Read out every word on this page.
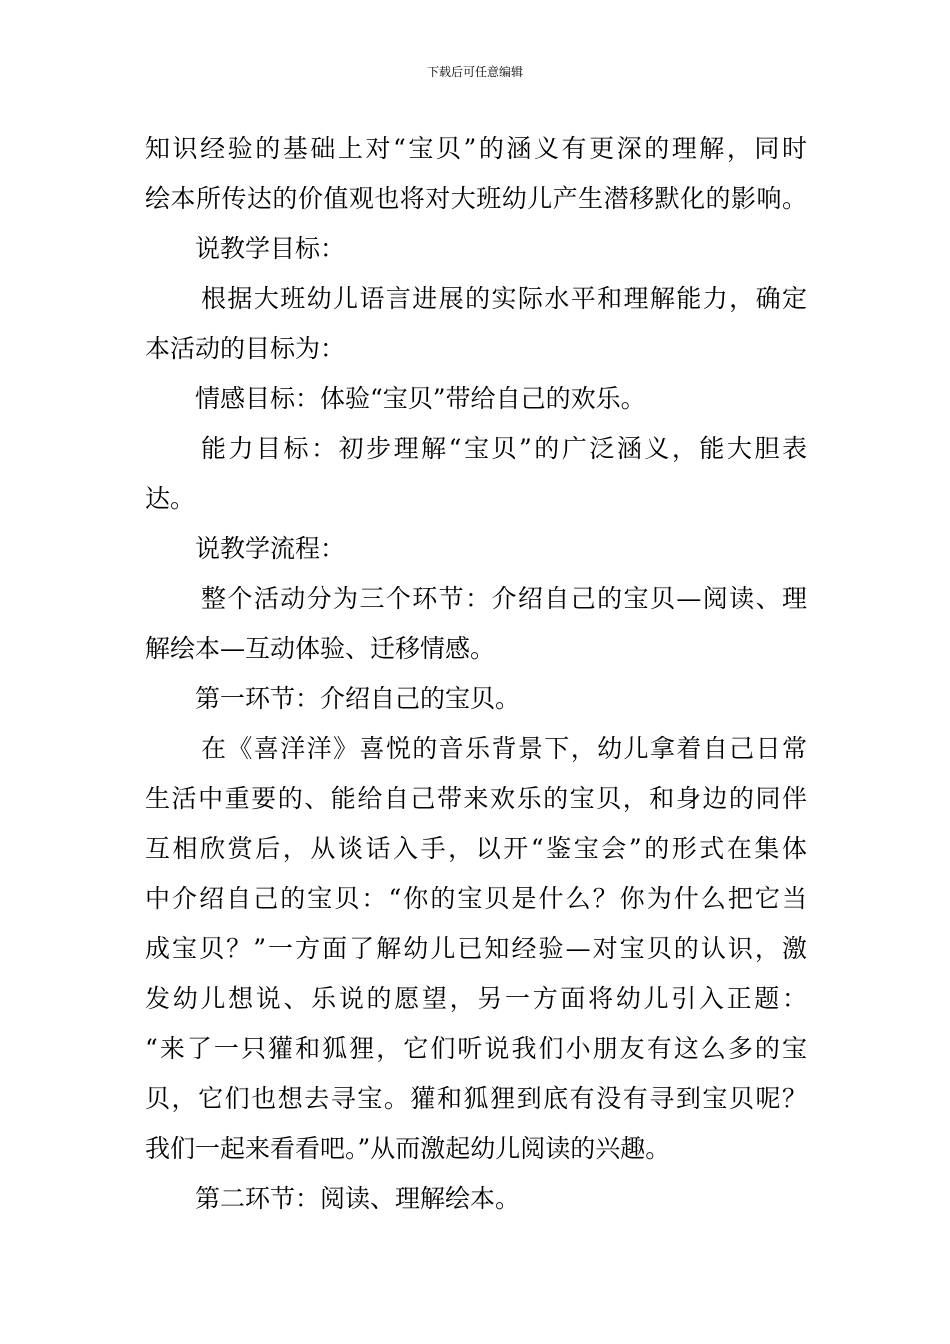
下载后可任意编辑
知识经验的基础上对“宝贝”的涵义有更深的理解，同时
绘本所传达的价值观也将对大班幼儿产生潜移默化的影响。
说教学目标：
根据大班幼儿语言进展的实际水平和理解能力，确定
本活动的目标为：
情感目标：体验“宝贝”带给自己的欢乐。
能力目标：初步理解“宝贝”的广泛涵义，能大胆表
达。
说教学流程：
整个活动分为三个环节：介绍自己的宝贝—阅读、理
解绘本—互动体验、迁移情感。
第一环节：介绍自己的宝贝。
在《喜洋洋》喜悦的音乐背景下，幼儿拿着自己日常
生活中重要的、能给自己带来欢乐的宝贝，和身边的同伴
互相欣赏后，从谈话入手，以开“鉴宝会”的形式在集体
中介绍自己的宝贝：“你的宝贝是什么？你为什么把它当
成宝贝？”一方面了解幼儿已知经验—对宝贝的认识，激
发幼儿想说、乐说的愿望，另一方面将幼儿引入正题：
“来了一只獾和狐狸，它们听说我们小朋友有这么多的宝
贝，它们也想去寻宝。獾和狐狸到底有没有寻到宝贝呢？
我们一起来看看吧。”从而激起幼儿阅读的兴趣。
第二环节：阅读、理解绘本。
